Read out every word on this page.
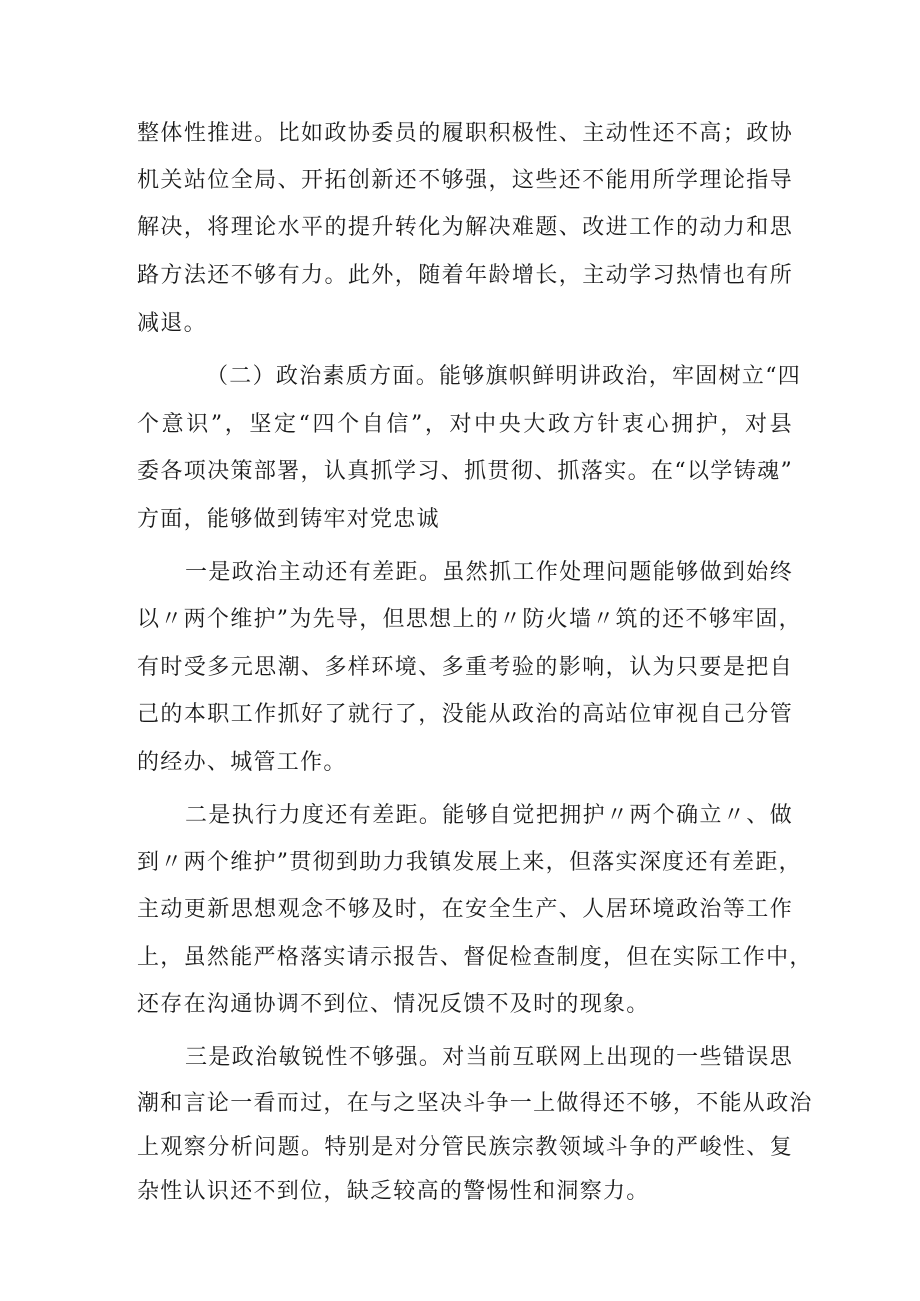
整体性推进。比如政协委员的履职积极性、主动性还不高；政协
机关站位全局、开拓创新还不够强，这些还不能用所学理论指导
解决，将理论水平的提升转化为解决难题、改进工作的动力和思
路方法还不够有力。此外，随着年龄增长，主动学习热情也有所
减退。
（二）政治素质方面。能够旗帜鲜明讲政治，牢固树立“四
个意识”，坚定“四个自信”，对中央大政方针衷心拥护，对县
委各项决策部署，认真抓学习、抓贯彻、抓落实。在“以学铸魂”
方面，能够做到铸牢对党忠诚
一是政治主动还有差距。虽然抓工作处理问题能够做到始终
以〃两个维护”为先导，但思想上的〃防火墙〃筑的还不够牢固，
有时受多元思潮、多样环境、多重考验的影响，认为只要是把自
己的本职工作抓好了就行了，没能从政治的高站位审视自己分管
的经办、城管工作。
二是执行力度还有差距。能够自觉把拥护〃两个确立〃、做
到〃两个维护”贯彻到助力我镇发展上来，但落实深度还有差距，
主动更新思想观念不够及时，在安全生产、人居环境政治等工作
上，虽然能严格落实请示报告、督促检查制度，但在实际工作中，
还存在沟通协调不到位、情况反馈不及时的现象。
三是政治敏锐性不够强。对当前互联网上出现的一些错误思
潮和言论一看而过，在与之坚决斗争一上做得还不够，不能从政治
上观察分析问题。特别是对分管民族宗教领域斗争的严峻性、复
杂性认识还不到位，缺乏较高的警惕性和洞察力。
